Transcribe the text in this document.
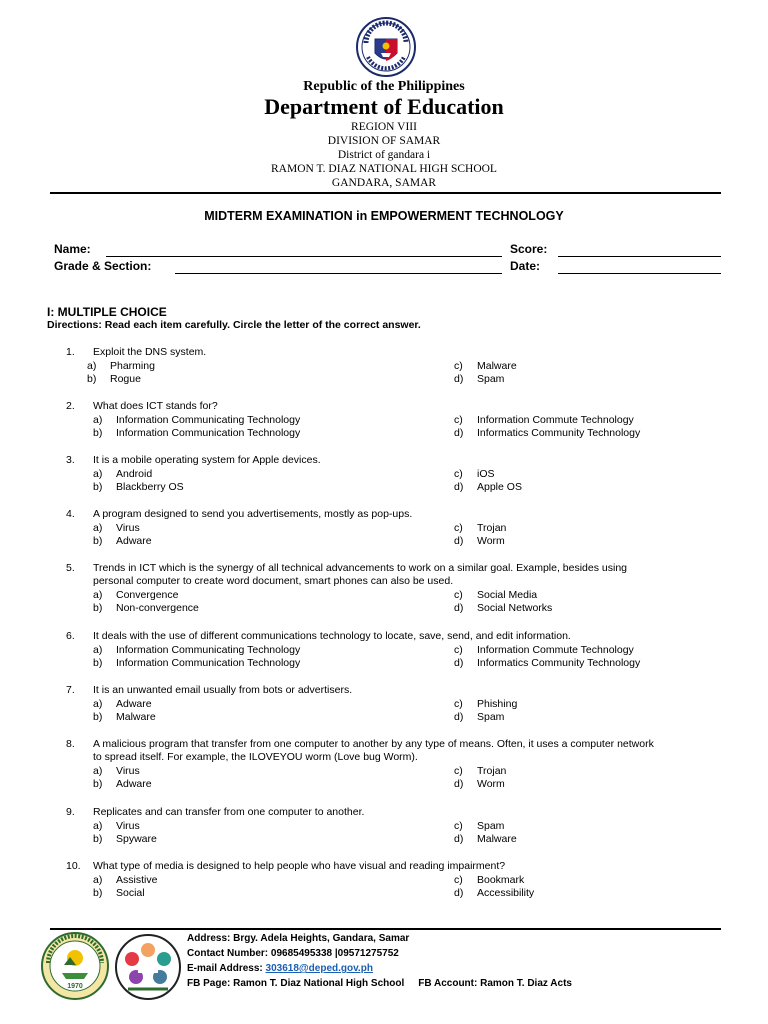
Republic of the Philippines
Department of Education
REGION VIII
DIVISION OF SAMAR
District of gandara i
RAMON T. DIAZ NATIONAL HIGH SCHOOL
GANDARA, SAMAR
MIDTERM EXAMINATION in EMPOWERMENT TECHNOLOGY
Name:	Score:
Grade & Section:	Date:
I: MULTIPLE CHOICE
Directions: Read each item carefully. Circle the letter of the correct answer.
1. Exploit the DNS system.
a) Pharming
b) Rogue
c) Malware
d) Spam
2. What does ICT stands for?
a) Information Communicating Technology
b) Information Communication Technology
c) Information Commute Technology
d) Informatics Community Technology
3. It is a mobile operating system for Apple devices.
a) Android
b) Blackberry OS
c) iOS
d) Apple OS
4. A program designed to send you advertisements, mostly as pop-ups.
a) Virus
b) Adware
c) Trojan
d) Worm
5. Trends in ICT which is the synergy of all technical advancements to work on a similar goal. Example, besides using
personal computer to create word document, smart phones can also be used.
a) Convergence
b) Non-convergence
c) Social Media
d) Social Networks
6. It deals with the use of different communications technology to locate, save, send, and edit information.
a) Information Communicating Technology
b) Information Communication Technology
c) Information Commute Technology
d) Informatics Community Technology
7. It is an unwanted email usually from bots or advertisers.
a) Adware
b) Malware
c) Phishing
d) Spam
8. A malicious program that transfer from one computer to another by any type of means. Often, it uses a computer network
to spread itself. For example, the ILOVEYOU worm (Love bug Worm).
a) Virus
b) Adware
c) Trojan
d) Worm
9. Replicates and can transfer from one computer to another.
a) Virus
b) Spyware
c) Spam
d) Malware
10. What type of media is designed to help people who have visual and reading impairment?
a) Assistive
b) Social
c) Bookmark
d) Accessibility
1970
Address: Brgy. Adela Heights, Gandara, Samar
Contact Number: 09685495338 |09571275752
E-mail Address: 303618@deped.gov.ph
FB Page: Ramon T. Diaz National High School FB Account: Ramon T. Diaz Acts
